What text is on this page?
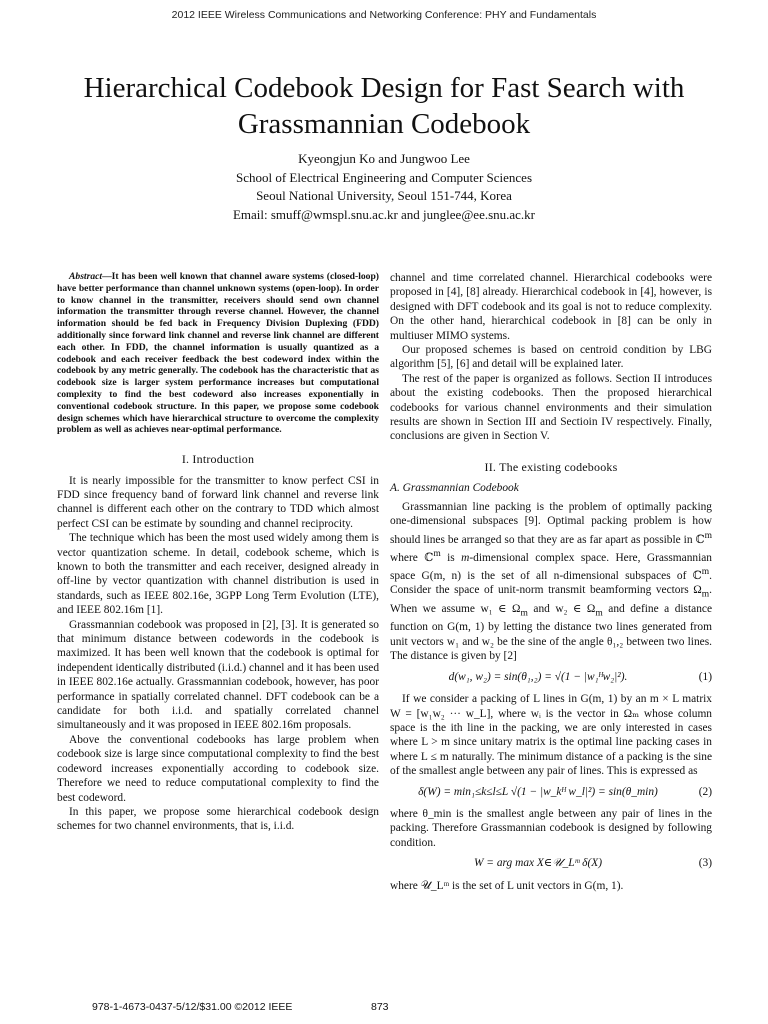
2012 IEEE Wireless Communications and Networking Conference: PHY and Fundamentals
Hierarchical Codebook Design for Fast Search with
Grassmannian Codebook
Kyeongjun Ko and Jungwoo Lee
School of Electrical Engineering and Computer Sciences
Seoul National University, Seoul 151-744, Korea
Email: smuff@wmspl.snu.ac.kr and junglee@ee.snu.ac.kr

Abstract—It has been well known that channel aware systems (closed-loop) have better performance than channel unknown systems (open-loop). In order to know channel in the transmitter, receivers should send own channel information the transmitter through reverse channel. However, the channel information should be fed back in Frequency Division Duplexing (FDD) additionally since forward link channel and reverse link channel are different each other. In FDD, the channel information is usually quantized as a codebook and each receiver feedback the best codeword index within the codebook by any metric generally. The codebook has the characteristic that as codebook size is larger system performance increases but computational complexity to find the best codeword also increases exponentially in conventional codebook structure. In this paper, we propose some codebook design schemes which have hierarchical structure to overcome the complexity problem as well as achieves near-optimal performance.

I. Introduction

It is nearly impossible for the transmitter to know perfect CSI in FDD since frequency band of forward link channel and reverse link channel is different each other on the contrary to TDD which almost perfect CSI can be estimate by sounding and channel reciprocity.

The technique which has been the most used widely among them is vector quantization scheme. In detail, codebook scheme, which is known to both the transmitter and each receiver, designed already in off-line by vector quantization with channel distribution is used in standards, such as IEEE 802.16e, 3GPP Long Term Evolution (LTE), and IEEE 802.16m [1].

Grassmannian codebook was proposed in [2], [3]. It is generated so that minimum distance between codewords in the codebook is maximized. It has been well known that the codebook is optimal for independent identically distributed (i.i.d.) channel and it has been used in IEEE 802.16e actually. Grassmannian codebook, however, has poor performance in spatially correlated channel. DFT codebook can be a candidate for both i.i.d. and spatially correlated channel simultaneously and it was proposed in IEEE 802.16m proposals.

Above the conventional codebooks has large problem when codebook size is large since computational complexity to find the best codeword increases exponentially according to codebook size. Therefore we need to reduce computational complexity to find the best codeword.

In this paper, we propose some hierarchical codebook design schemes for two channel environments, that is, i.i.d.

channel and time correlated channel. Hierarchical codebooks were proposed in [4], [8] already. Hierarchical codebook in [4], however, is designed with DFT codebook and its goal is not to reduce complexity. On the other hand, hierarchical codebook in [8] can be only in multiuser MIMO systems.

Our proposed schemes is based on centroid condition by LBG algorithm [5], [6] and detail will be explained later.

The rest of the paper is organized as follows. Section II introduces about the existing codebooks. Then the proposed hierarchical codebooks for various channel environments and their simulation results are shown in Section III and Sectioin IV respectively. Finally, conclusions are given in Section V.

II. The existing codebooks
A. Grassmannian Codebook

Grassmannian line packing is the problem of optimally packing one-dimensional subspaces [9]. Optimal packing problem is how should lines be arranged so that they are as far apart as possible in ℂ$^m$ where ℂ$^m$ is m-dimensional complex space. Here, Grassmannian space G(m, n) is the set of all n-dimensional subspaces of ℂ$^m$. Consider the space of unit-norm transmit beamforming vectors $\Omega_m$. When we assume w₁ ∈ $\Omega_m$ and w₂ ∈ $\Omega_m$ and define a distance function on G(m, 1) by letting the distance two lines generated from unit vectors w₁ and w₂ be the sine of the angle θ₁,₂ between two lines. The distance is given by [2]

d(w₁, w₂) = sin(θ₁,₂) = √(1 − |w₁ᴴw₂|²).	(1)

If we consider a packing of L lines in G(m, 1) by an m × L matrix W = [w₁w₂ ··· w_L], where wᵢ is the vector in Ωₘ whose column space is the ith line in the packing, we are only interested in cases where L > m since unitary matrix is the optimal line packing cases in where L ≤ m naturally. The minimum distance of a packing is the sine of the smallest angle between any pair of lines. This is expressed as

δ(W) = min₁≤k≤l≤L √(1 − |w_kᴴ w_l|²) = sin(θ_min)	(2)

where θ_min is the smallest angle between any pair of lines in the packing. Therefore Grassmannian codebook is designed by following condition.

W = arg max X∈𝒰_Lᵐ δ(X)	(3)

where 𝒰_Lᵐ is the set of L unit vectors in G(m, 1).

978-1-4673-0437-5/12/$31.00 ©2012 IEEE	873
